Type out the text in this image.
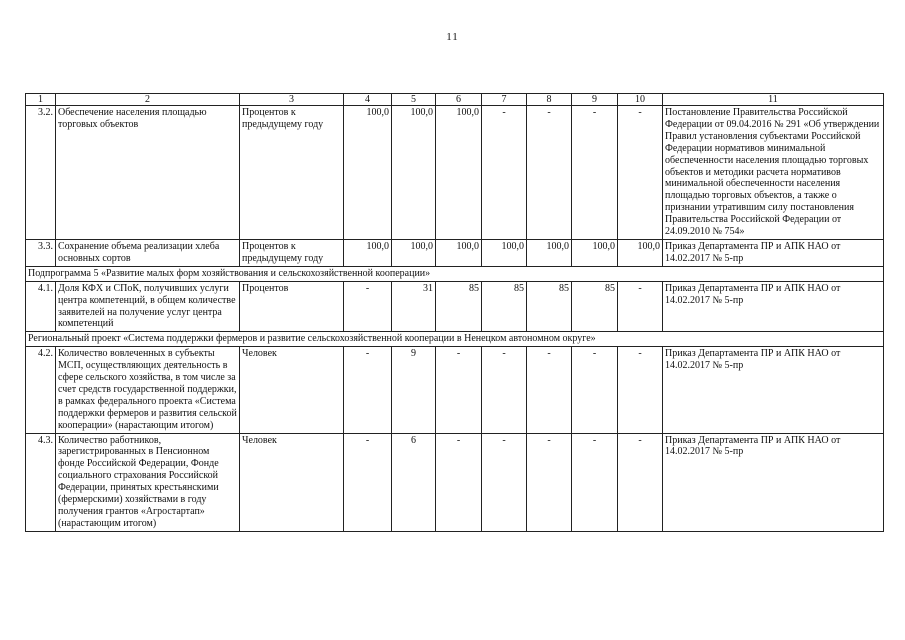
11
1	2	3	4	5	6	7	8	9	10	11
3.2.	Обеспечение населения площадью торговых объектов	Процентов к предыдущему году	100,0	100,0	100,0	-	-	-	-	Постановление Правительства Российской Федерации от 09.04.2016 № 291 «Об утверждении Правил установления субъектами Российской Федерации нормативов минимальной обеспеченности населения площадью торговых объектов и методики расчета нормативов минимальной обеспеченности населения площадью торговых объектов, а также о признании утратившим силу постановления Правительства Российской Федерации от 24.09.2010 № 754»
3.3.	Сохранение объема реализации хлеба основных сортов	Процентов к предыдущему году	100,0	100,0	100,0	100,0	100,0	100,0	100,0	Приказ Департамента ПР и АПК НАО от 14.02.2017 № 5-пр
Подпрограмма 5 «Развитие малых форм хозяйствования и сельскохозяйственной кооперации»										
4.1.	Доля КФХ и СПоК, получивших услуги центра компетенций, в общем количестве заявителей на получение услуг центра компетенций	Процентов	-	31	85	85	85	85	-	Приказ Департамента ПР и АПК НАО от 14.02.2017 № 5-пр
Региональный проект «Система поддержки фермеров и развитие сельскохозяйственной кооперации в Ненецком автономном округе»										
4.2.	Количество вовлеченных в субъекты МСП, осуществляющих деятельность в сфере сельского хозяйства, в том числе за счет средств государственной поддержки, в рамках федерального проекта «Система поддержки фермеров и развития сельской кооперации» (нарастающим итогом)	Человек	-	9	-	-	-	-	-	Приказ Департамента ПР и АПК НАО от 14.02.2017 № 5-пр
4.3.	Количество работников, зарегистрированных в Пенсионном фонде Российской Федерации, Фонде социального страхования Российской Федерации, принятых крестьянскими (фермерскими) хозяйствами в году получения грантов «Агростартап» (нарастающим итогом)	Человек	-	6	-	-	-	-	-	Приказ Департамента ПР и АПК НАО от 14.02.2017 № 5-пр
